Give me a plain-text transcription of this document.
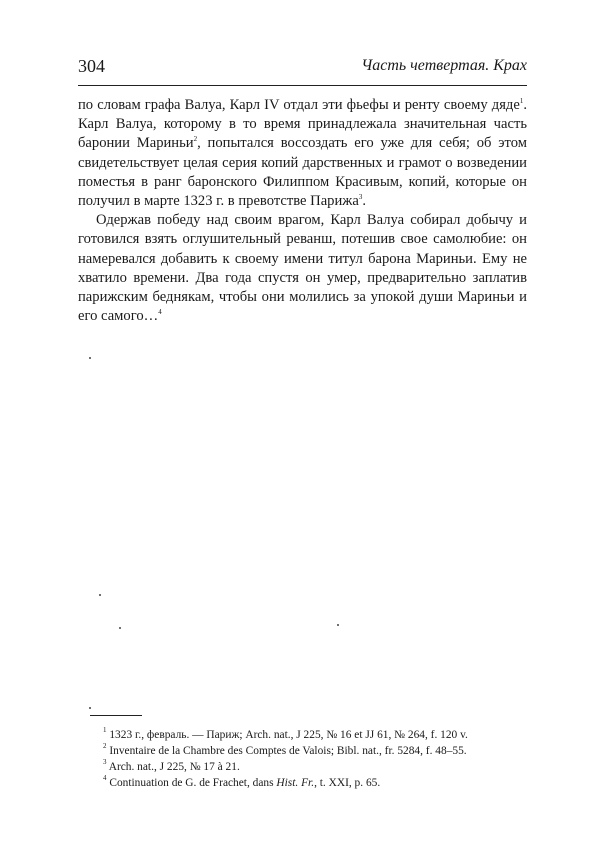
304	Часть четвертая. Крах

по словам графа Валуа, Карл IV отдал эти фьефы и ренту своему дяде$^1$. Карл Валуа, которому в то время принадлежала значительная часть баронии Мариньи$^2$, попытался воссоздать его уже для себя; об этом свидетельствует целая серия копий дарственных и грамот о возведении поместья в ранг баронского Филиппом Красивым, копий, которые он получил в марте 1323 г. в превотстве Парижа$^3$.

Одержав победу над своим врагом, Карл Валуа собирал добычу и готовился взять оглушительный реванш, потешив свое самолюбие: он намеревался добавить к своему имени титул барона Мариньи. Ему не хватило времени. Два года спустя он умер, предварительно заплатив парижским беднякам, чтобы они молились за упокой души Мариньи и его самого…$^4$

$^1$ 1323 г., февраль. — Париж; Arch. nat., J 225, № 16 et JJ 61, № 264, f. 120 v.

$^2$ Inventaire de la Chambre des Comptes de Valois; Bibl. nat., fr. 5284, f. 48–55.

$^3$ Arch. nat., J 225, № 17 à 21.

$^4$ Continuation de G. de Frachet, dans Hist. Fr., t. XXI, p. 65.
